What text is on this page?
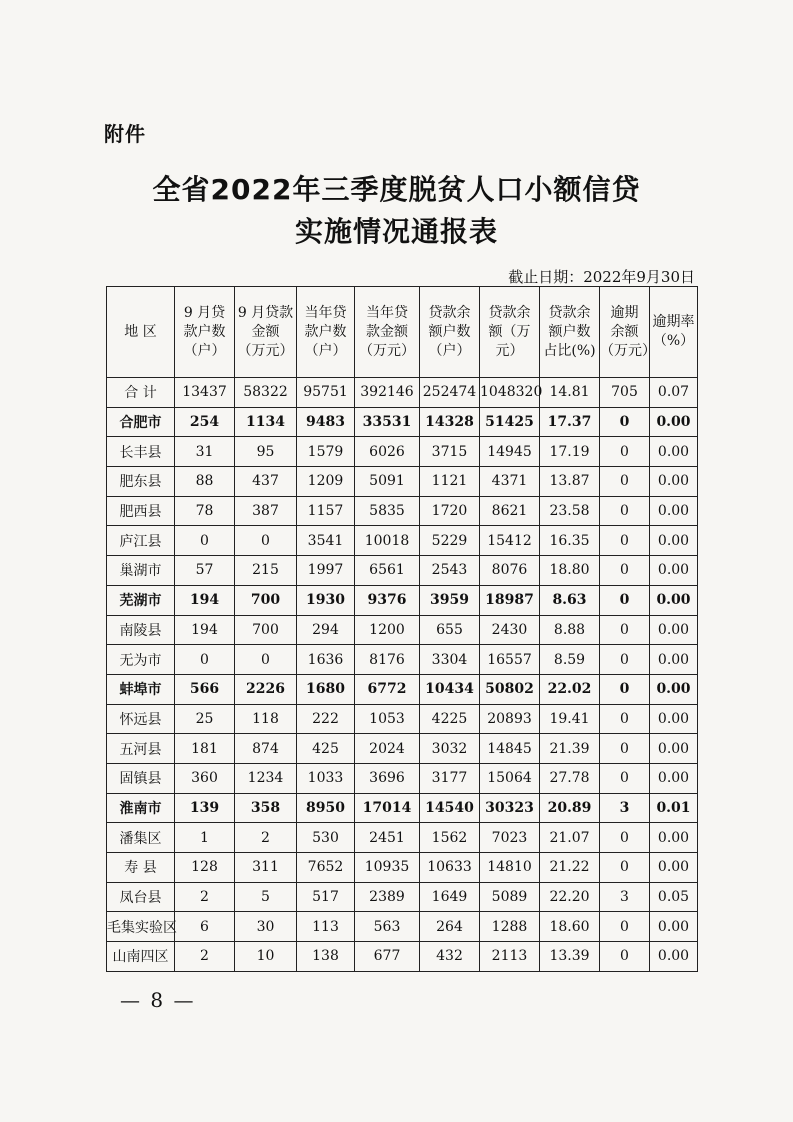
附件
全省2022年三季度脱贫人口小额信贷
实施情况通报表
截止日期：2022年9月30日
地 区	9 月贷
款户数
（户）	9 月贷款
金额
（万元）	当年贷
款户数
（户）	当年贷
款金额
（万元）	贷款余
额户数
（户）	贷款余
额（万
元）	贷款余
额户数
占比(%)	逾期
余额
（万元）	逾期率
（%）

合 计	13437	58322	95751	392146	252474	1048320	14.81	705	0.07
合肥市	254	1134	9483	33531	14328	51425	17.37	0	0.00
长丰县	31	95	1579	6026	3715	14945	17.19	0	0.00
肥东县	88	437	1209	5091	1121	4371	13.87	0	0.00
肥西县	78	387	1157	5835	1720	8621	23.58	0	0.00
庐江县	0	0	3541	10018	5229	15412	16.35	0	0.00
巢湖市	57	215	1997	6561	2543	8076	18.80	0	0.00
芜湖市	194	700	1930	9376	3959	18987	8.63	0	0.00
南陵县	194	700	294	1200	655	2430	8.88	0	0.00
无为市	0	0	1636	8176	3304	16557	8.59	0	0.00
蚌埠市	566	2226	1680	6772	10434	50802	22.02	0	0.00
怀远县	25	118	222	1053	4225	20893	19.41	0	0.00
五河县	181	874	425	2024	3032	14845	21.39	0	0.00
固镇县	360	1234	1033	3696	3177	15064	27.78	0	0.00
淮南市	139	358	8950	17014	14540	30323	20.89	3	0.01
潘集区	1	2	530	2451	1562	7023	21.07	0	0.00
寿 县	128	311	7652	10935	10633	14810	21.22	0	0.00
凤台县	2	5	517	2389	1649	5089	22.20	3	0.05
毛集实验区	6	30	113	563	264	1288	18.60	0	0.00
山南四区	2	10	138	677	432	2113	13.39	0	0.00
— 8 —
